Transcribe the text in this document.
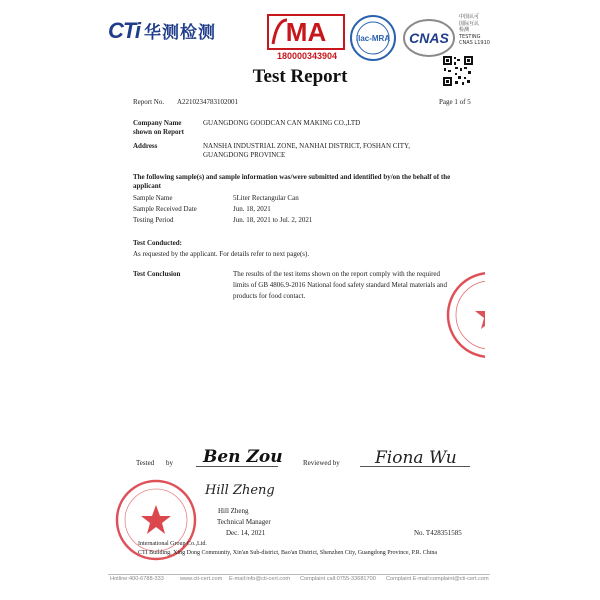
CTi 华测检测	MA
180000343904
ilac-MRA CNAS
中国认可
国际互认
检测
TESTING
CNAS L1910
Test Report
Report No. A2210234783102001	Page 1 of 5
Company Name shown on Report
GUANGDONG GOODCAN CAN MAKING CO.,LTD
Address	NANSHA INDUSTRIAL ZONE, NANHAI DISTRICT, FOSHAN CITY,
GUANGDONG PROVINCE
The following sample(s) and sample information was/were submitted and identified by/on the behalf of the applicant
Sample Name	5Liter Rectangular Can
Sample Received Date	Jun. 18, 2021
Testing Period	Jun. 18, 2021 to Jul. 2, 2021
Test Conducted:
As requested by the applicant. For details refer to next page(s).
Test Conclusion	The results of the test items shown on the report comply with the required
limits of GB 4806.9-2016 National food safety standard Metal materials and
products for food contact.
Tested by Ben Zou	Reviewed by Fiona Wu
Hill Zheng
Hill Zheng
Technical Manager
Dec. 14, 2021	No. T428351585
International Group Co.,Ltd.
CTI Building, Xing Dong Community, Xin'an Sub-district, Bao'an District, Shenzhen City, Guangdong Province, P.R. China
Hotline:400-6788-333	www.cti-cert.com E-mail:info@cti-cert.com Complaint call:0755-33681700 Complaint E-mail:complaint@cti-cert.com
